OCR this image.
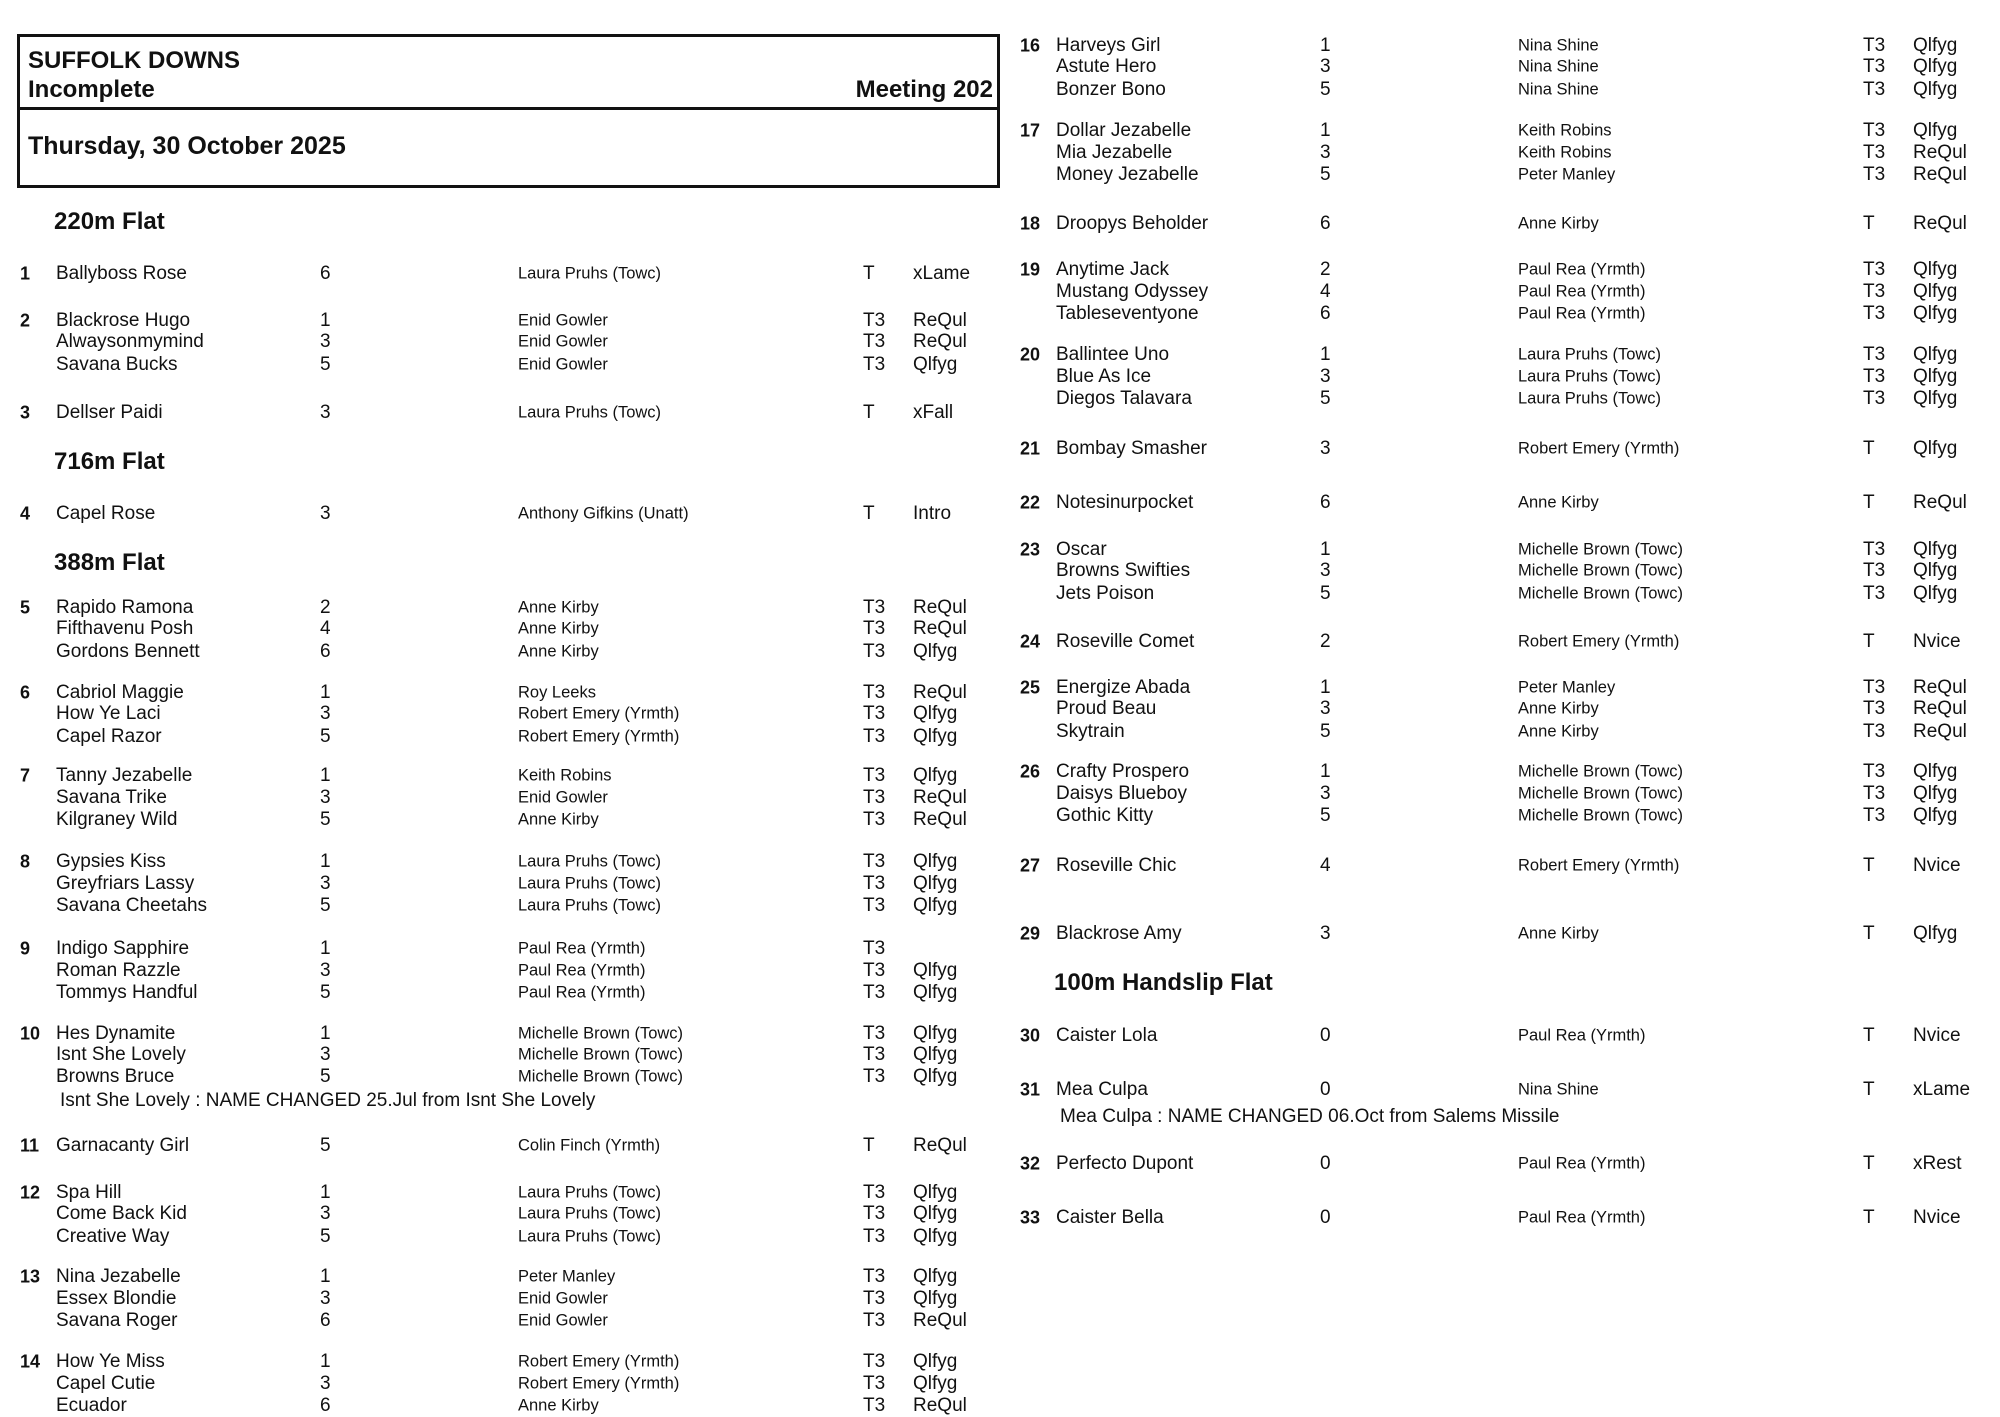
SUFFOLK DOWNS
Incomplete	Meeting 202
Thursday, 30 October 2025
220m Flat
1 Ballyboss Rose	6	Laura Pruhs (Towc)	T xLame
2 Blackrose Hugo	1	Enid Gowler	T3 ReQul
Alwaysonmymind	3	Enid Gowler	T3 ReQul
Savana Bucks	5	Enid Gowler	T3 Qlfyg
3 Dellser Paidi	3	Laura Pruhs (Towc)	T xFall
716m Flat
4 Capel Rose	3	Anthony Gifkins (Unatt)	T Intro
388m Flat
5 Rapido Ramona	2	Anne Kirby	T3 ReQul
Fifthavenu Posh	4	Anne Kirby	T3 ReQul
Gordons Bennett	6	Anne Kirby	T3 Qlfyg
6 Cabriol Maggie	1	Roy Leeks	T3 ReQul
How Ye Laci	3	Robert Emery (Yrmth)	T3 Qlfyg
Capel Razor	5	Robert Emery (Yrmth)	T3 Qlfyg
7 Tanny Jezabelle	1	Keith Robins	T3 Qlfyg
Savana Trike	3	Enid Gowler	T3 ReQul
Kilgraney Wild	5	Anne Kirby	T3 ReQul
8 Gypsies Kiss	1	Laura Pruhs (Towc)	T3 Qlfyg
Greyfriars Lassy	3	Laura Pruhs (Towc)	T3 Qlfyg
Savana Cheetahs	5	Laura Pruhs (Towc)	T3 Qlfyg
9 Indigo Sapphire	1	Paul Rea (Yrmth)	T3
Roman Razzle	3	Paul Rea (Yrmth)	T3 Qlfyg
Tommys Handful	5	Paul Rea (Yrmth)	T3 Qlfyg
10 Hes Dynamite	1	Michelle Brown (Towc)	T3 Qlfyg
Isnt She Lovely	3	Michelle Brown (Towc)	T3 Qlfyg
Browns Bruce	5	Michelle Brown (Towc)	T3 Qlfyg
Isnt She Lovely : NAME CHANGED 25.Jul from Isnt She Lovely
11 Garnacanty Girl	5	Colin Finch (Yrmth)	T ReQul
12 Spa Hill	1	Laura Pruhs (Towc)	T3 Qlfyg
Come Back Kid	3	Laura Pruhs (Towc)	T3 Qlfyg
Creative Way	5	Laura Pruhs (Towc)	T3 Qlfyg
13 Nina Jezabelle	1	Peter Manley	T3 Qlfyg
Essex Blondie	3	Enid Gowler	T3 Qlfyg
Savana Roger	6	Enid Gowler	T3 ReQul
14 How Ye Miss	1	Robert Emery (Yrmth)	T3 Qlfyg
Capel Cutie	3	Robert Emery (Yrmth)	T3 Qlfyg
Ecuador	6	Anne Kirby	T3 ReQul
16 Harveys Girl	1	Nina Shine	T3 Qlfyg
Astute Hero	3	Nina Shine	T3 Qlfyg
Bonzer Bono	5	Nina Shine	T3 Qlfyg
17 Dollar Jezabelle	1	Keith Robins	T3 Qlfyg
Mia Jezabelle	3	Keith Robins	T3 ReQul
Money Jezabelle	5	Peter Manley	T3 ReQul
18 Droopys Beholder	6	Anne Kirby	T ReQul
19 Anytime Jack	2	Paul Rea (Yrmth)	T3 Qlfyg
Mustang Odyssey	4	Paul Rea (Yrmth)	T3 Qlfyg
Tableseventyone	6	Paul Rea (Yrmth)	T3 Qlfyg
20 Ballintee Uno	1	Laura Pruhs (Towc)	T3 Qlfyg
Blue As Ice	3	Laura Pruhs (Towc)	T3 Qlfyg
Diegos Talavara	5	Laura Pruhs (Towc)	T3 Qlfyg
21 Bombay Smasher	3	Robert Emery (Yrmth)	T Qlfyg
22 Notesinurpocket	6	Anne Kirby	T ReQul
23 Oscar	1	Michelle Brown (Towc)	T3 Qlfyg
Browns Swifties	3	Michelle Brown (Towc)	T3 Qlfyg
Jets Poison	5	Michelle Brown (Towc)	T3 Qlfyg
24 Roseville Comet	2	Robert Emery (Yrmth)	T Nvice
25 Energize Abada	1	Peter Manley	T3 ReQul
Proud Beau	3	Anne Kirby	T3 ReQul
Skytrain	5	Anne Kirby	T3 ReQul
26 Crafty Prospero	1	Michelle Brown (Towc)	T3 Qlfyg
Daisys Blueboy	3	Michelle Brown (Towc)	T3 Qlfyg
Gothic Kitty	5	Michelle Brown (Towc)	T3 Qlfyg
27 Roseville Chic	4	Robert Emery (Yrmth)	T Nvice
29 Blackrose Amy	3	Anne Kirby	T Qlfyg
100m Handslip Flat
30 Caister Lola	0	Paul Rea (Yrmth)	T Nvice
31 Mea Culpa	0	Nina Shine	T xLame
Mea Culpa : NAME CHANGED 06.Oct from Salems Missile
32 Perfecto Dupont	0	Paul Rea (Yrmth)	T xRest
33 Caister Bella	0	Paul Rea (Yrmth)	T Nvice
